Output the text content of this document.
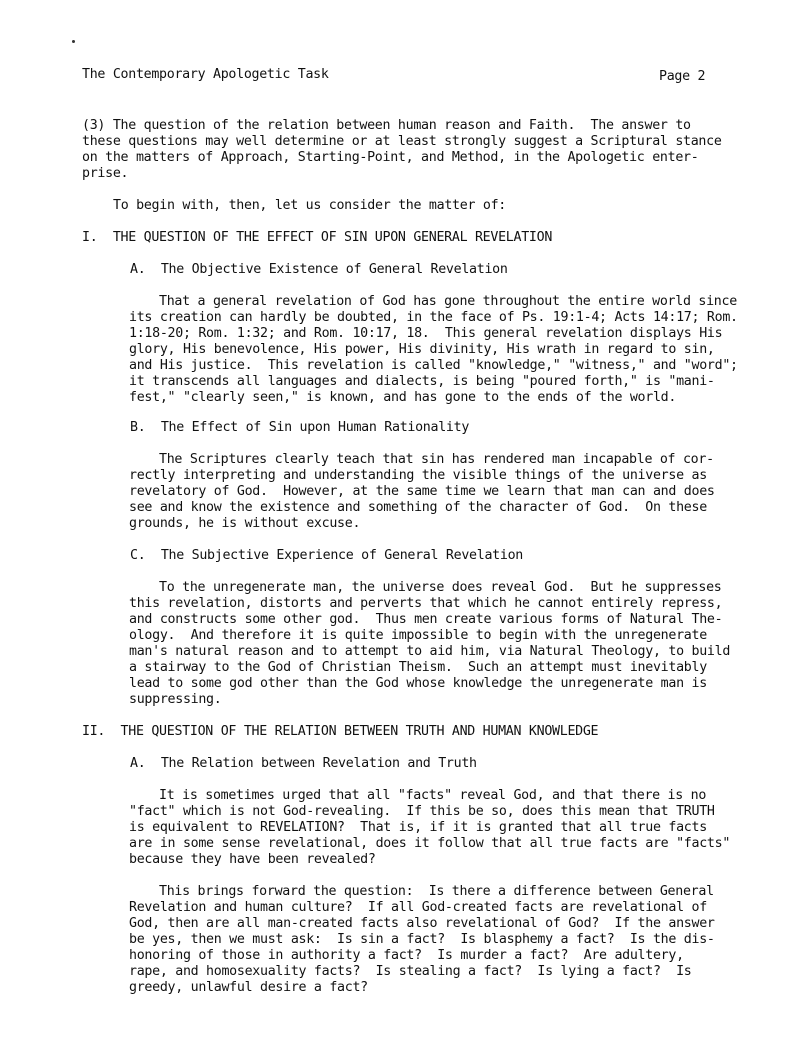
The Contemporary Apologetic Task	Page 2
(3) The question of the relation between human reason and Faith.  The answer to
these questions may well determine or at least strongly suggest a Scriptural stance
on the matters of Approach, Starting-Point, and Method, in the Apologetic enter-
prise.
To begin with, then, let us consider the matter of:
I.  THE QUESTION OF THE EFFECT OF SIN UPON GENERAL REVELATION
A.  The Objective Existence of General Revelation
That a general revelation of God has gone throughout the entire world since
its creation can hardly be doubted, in the face of Ps. 19:1-4; Acts 14:17; Rom.
1:18-20; Rom. 1:32; and Rom. 10:17, 18.  This general revelation displays His
glory, His benevolence, His power, His divinity, His wrath in regard to sin,
and His justice.  This revelation is called "knowledge," "witness," and "word";
it transcends all languages and dialects, is being "poured forth," is "mani-
fest," "clearly seen," is known, and has gone to the ends of the world.
B.  The Effect of Sin upon Human Rationality
The Scriptures clearly teach that sin has rendered man incapable of cor-
rectly interpreting and understanding the visible things of the universe as
revelatory of God.  However, at the same time we learn that man can and does
see and know the existence and something of the character of God.  On these
grounds, he is without excuse.
C.  The Subjective Experience of General Revelation
To the unregenerate man, the universe does reveal God.  But he suppresses
this revelation, distorts and perverts that which he cannot entirely repress,
and constructs some other god.  Thus men create various forms of Natural The-
ology.  And therefore it is quite impossible to begin with the unregenerate
man's natural reason and to attempt to aid him, via Natural Theology, to build
a stairway to the God of Christian Theism.  Such an attempt must inevitably
lead to some god other than the God whose knowledge the unregenerate man is
suppressing.
II.  THE QUESTION OF THE RELATION BETWEEN TRUTH AND HUMAN KNOWLEDGE
A.  The Relation between Revelation and Truth
It is sometimes urged that all "facts" reveal God, and that there is no
"fact" which is not God-revealing.  If this be so, does this mean that TRUTH
is equivalent to REVELATION?  That is, if it is granted that all true facts
are in some sense revelational, does it follow that all true facts are "facts"
because they have been revealed?
This brings forward the question:  Is there a difference between General
Revelation and human culture?  If all God-created facts are revelational of
God, then are all man-created facts also revelational of God?  If the answer
be yes, then we must ask:  Is sin a fact?  Is blasphemy a fact?  Is the dis-
honoring of those in authority a fact?  Is murder a fact?  Are adultery,
rape, and homosexuality facts?  Is stealing a fact?  Is lying a fact?  Is
greedy, unlawful desire a fact?
